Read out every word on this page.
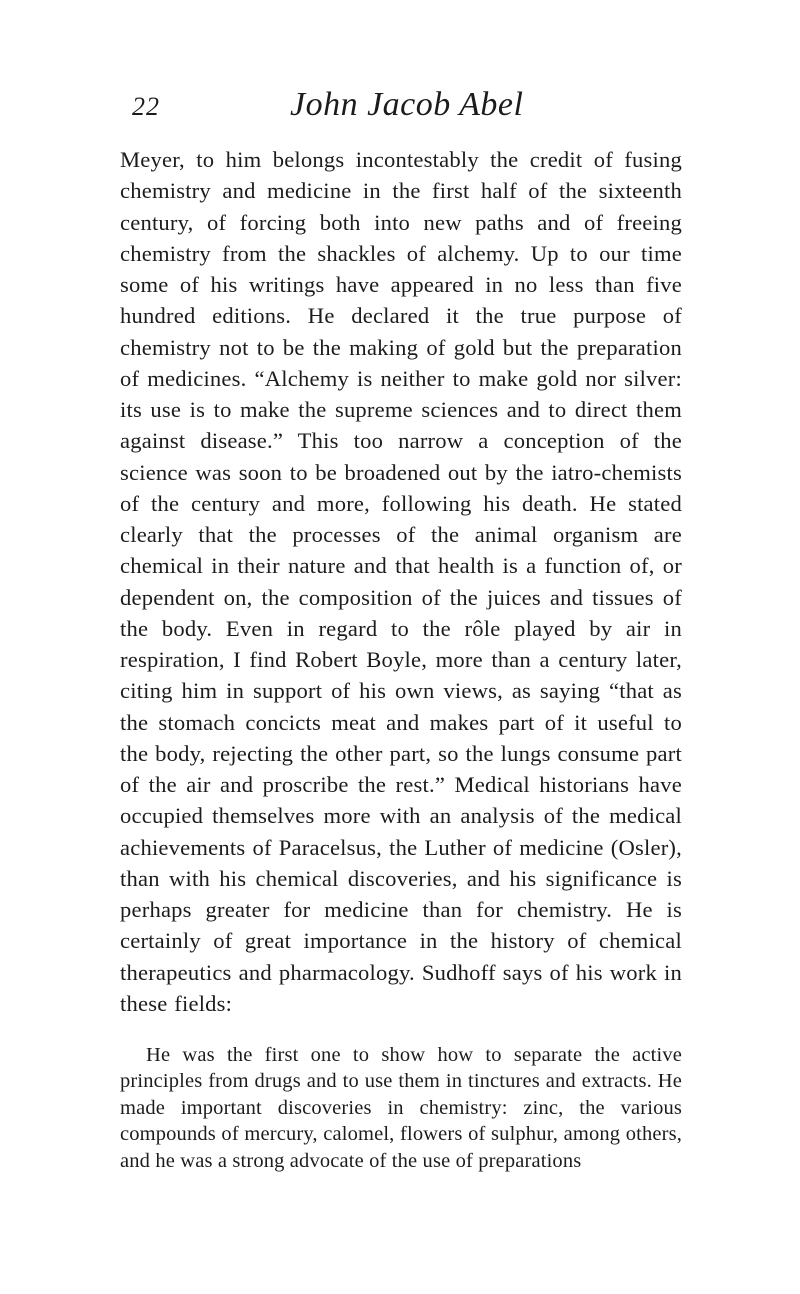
22	John Jacob Abel

Meyer, to him belongs incontestably the credit of fusing chemistry and medicine in the first half of the sixteenth century, of forcing both into new paths and of freeing chemistry from the shackles of alchemy. Up to our time some of his writings have appeared in no less than five hundred editions. He declared it the true purpose of chemistry not to be the making of gold but the preparation of medicines. “Alchemy is neither to make gold nor silver: its use is to make the supreme sciences and to direct them against disease.” This too narrow a conception of the science was soon to be broadened out by the iatro-chemists of the century and more, following his death. He stated clearly that the processes of the animal organism are chemical in their nature and that health is a function of, or dependent on, the composition of the juices and tissues of the body. Even in regard to the rôle played by air in respiration, I find Robert Boyle, more than a century later, citing him in support of his own views, as saying “that as the stomach concicts meat and makes part of it useful to the body, rejecting the other part, so the lungs consume part of the air and proscribe the rest.” Medical historians have occupied themselves more with an analysis of the medical achievements of Paracelsus, the Luther of medicine (Osler), than with his chemical discoveries, and his significance is perhaps greater for medicine than for chemistry. He is certainly of great importance in the history of chemical therapeutics and pharmacology. Sudhoff says of his work in these fields:

He was the first one to show how to separate the active principles from drugs and to use them in tinctures and extracts. He made important discoveries in chemistry: zinc, the various compounds of mercury, calomel, flowers of sulphur, among others, and he was a strong advocate of the use of preparations
